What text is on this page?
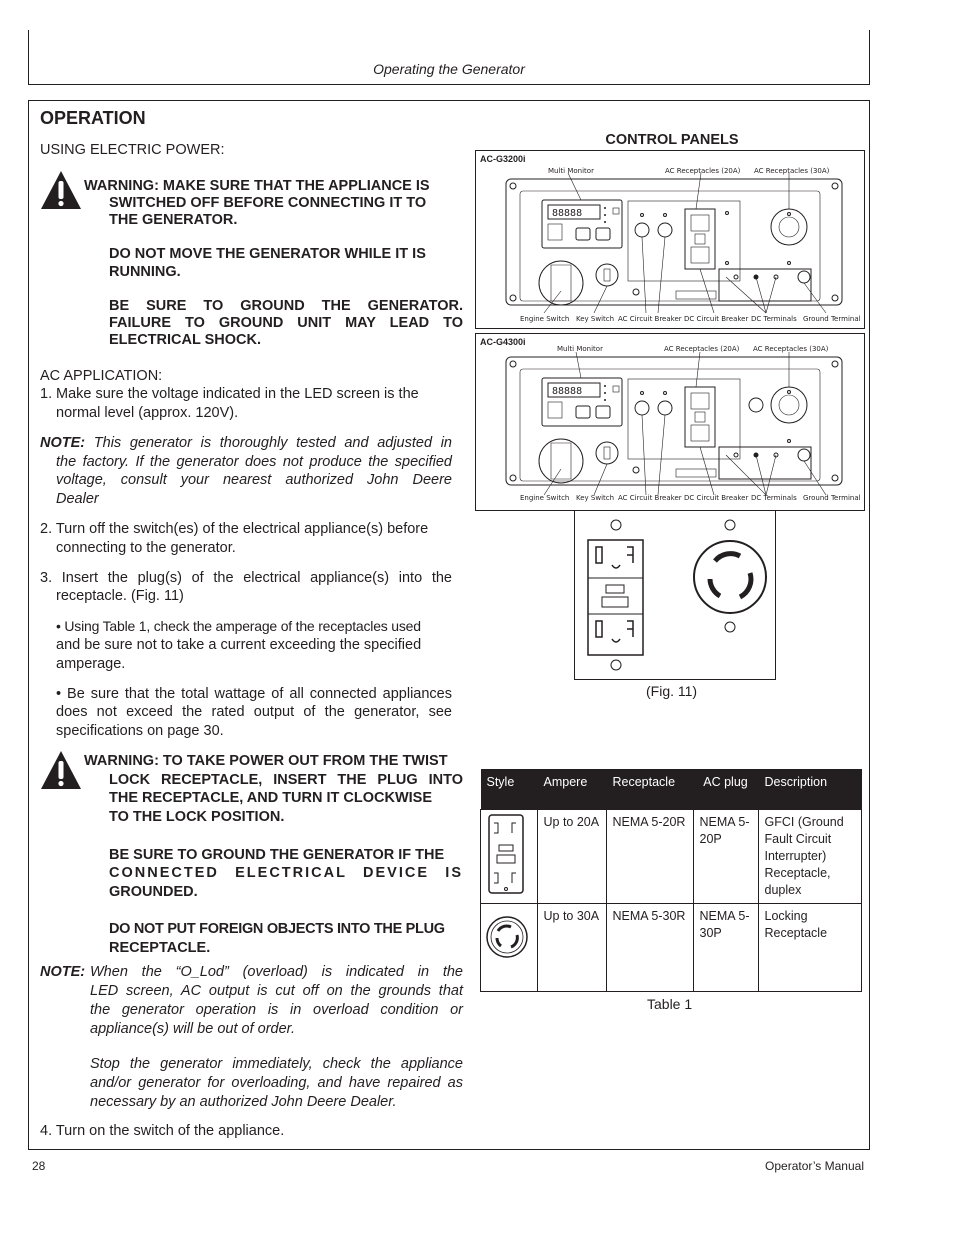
Operating the Generator
OPERATION
USING ELECTRIC POWER:
WARNING: MAKE SURE THAT THE APPLIANCE IS
SWITCHED OFF BEFORE CONNECTING IT TO
THE GENERATOR.
DO NOT MOVE THE GENERATOR WHILE IT IS
RUNNING.
BE SURE TO GROUND THE GENERATOR.
FAILURE TO GROUND UNIT MAY LEAD TO
ELECTRICAL SHOCK.
AC APPLICATION:
1. Make sure the voltage indicated in the LED screen is the
normal level (approx. 120V).
NOTE: This generator is thoroughly tested and adjusted in
the factory. If the generator does not produce the specified
voltage, consult your nearest authorized John Deere
Dealer
2. Turn off the switch(es) of the electrical appliance(s) before
connecting to the generator.
3. Insert the plug(s) of the electrical appliance(s) into the
receptacle. (Fig. 11)
• Using Table 1, check the amperage of the receptacles used
and be sure not to take a current exceeding the specified
amperage.
• Be sure that the total wattage of all connected appliances
does not exceed the rated output of the generator, see
specifications on page 30.
WARNING: TO TAKE POWER OUT FROM THE TWIST
LOCK RECEPTACLE, INSERT THE PLUG INTO
THE RECEPTACLE, AND TURN IT CLOCKWISE
TO THE LOCK POSITION.
BE SURE TO GROUND THE GENERATOR IF THE
CONNECTED ELECTRICAL DEVICE IS
GROUNDED.
DO NOT PUT FOREIGN OBJECTS INTO THE PLUG
RECEPTACLE.
NOTE: When the “O_Lod” (overload) is indicated in the
LED screen, AC output is cut off on the grounds that
the generator operation is in overload condition or
appliance(s) will be out of order.
Stop the generator immediately, check the appliance
and/or generator for overloading, and have repaired as
necessary by an authorized John Deere Dealer.
4. Turn on the switch of the appliance.
CONTROL PANELS
AC-G3200i
Multi Monitor	AC Receptacles (20A) AC Receptacles (30A)
88888
Engine Switch Key Switch AC Circuit Breaker DC Circuit Breaker DC Terminals Ground Terminal
AC-G4300i
Multi Monitor	AC Receptacles (20A) AC Receptacles (30A)
88888
Engine Switch Key Switch AC Circuit Breaker DC Circuit Breaker DC Terminals Ground Terminal
(Fig. 11)
Style	Ampere	Receptacle	AC plug	Description
	Up to 20A	NEMA 5-20R	NEMA 5-20P	GFCI (Ground Fault Circuit Interrupter) Receptacle, duplex
	Up to 30A	NEMA 5-30R	NEMA 5-30P	Locking Receptacle
Table 1
28	Operator’s Manual
